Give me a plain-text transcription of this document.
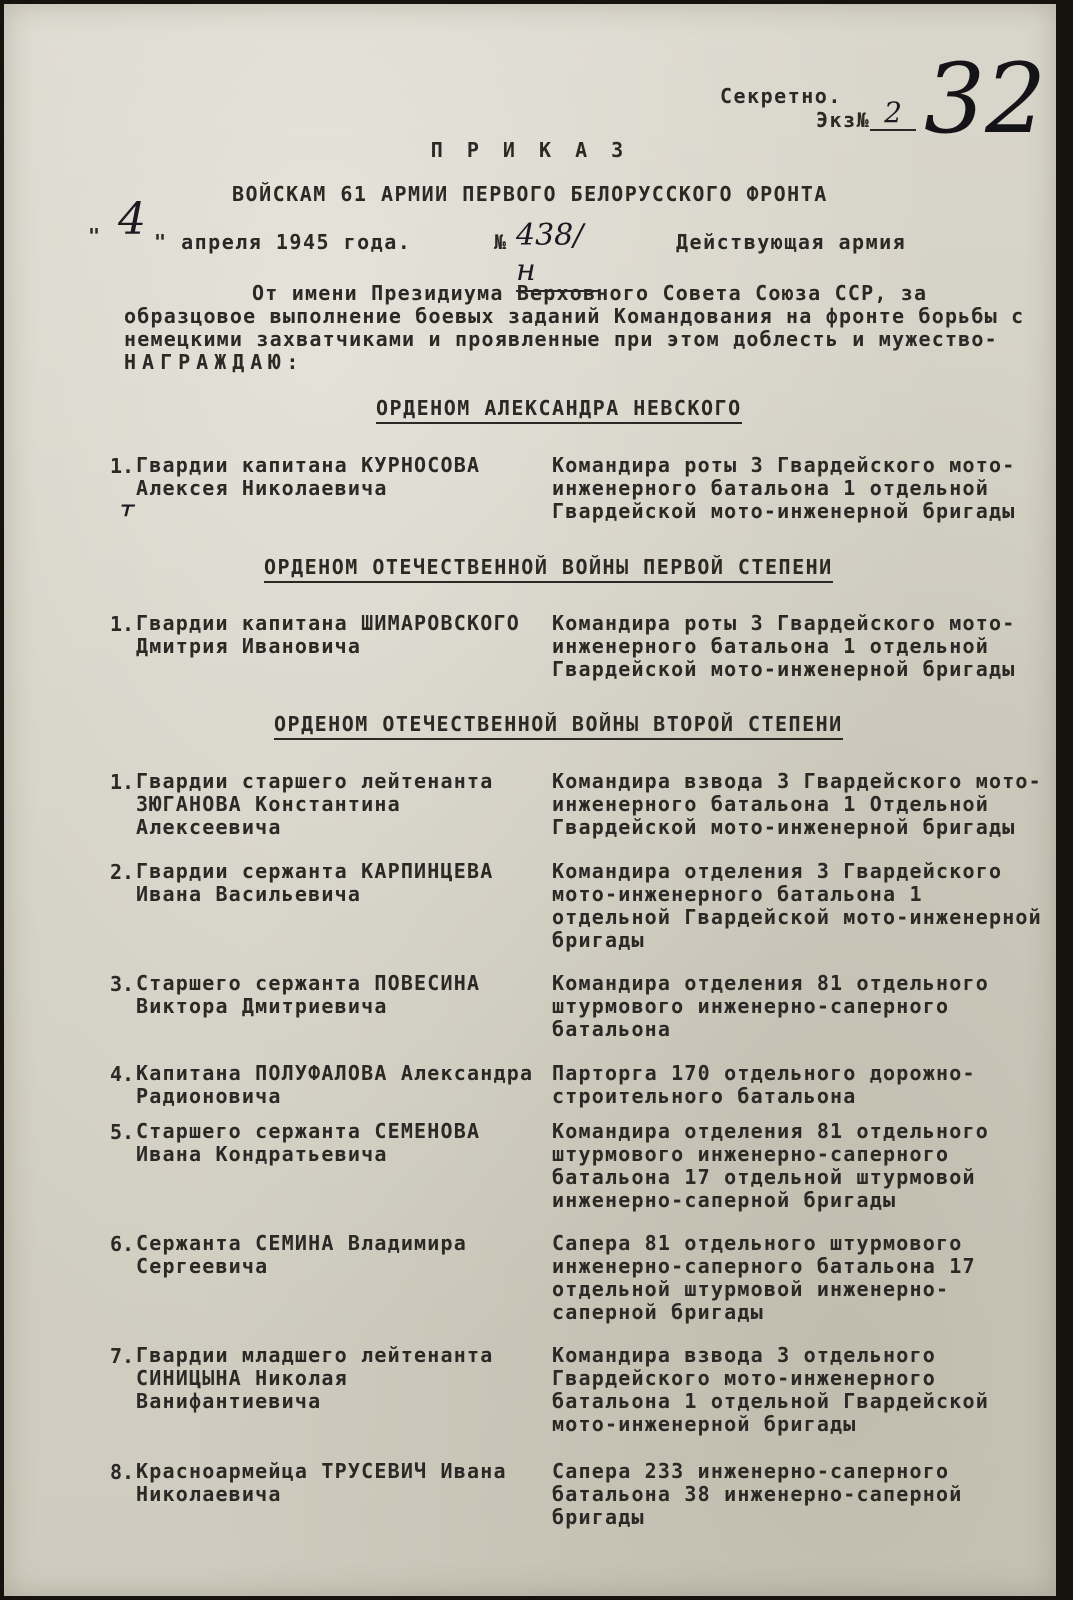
Секретно.
Экз№ 2 32
П Р И К А З
ВОЙСКАМ 61 АРМИИ ПЕРВОГО БЕЛОРУССКОГО ФРОНТА
" 4 " апреля 1945 года.	№ 438/н
Действующая армия
От имени Президиума Верховного Совета Союза ССР, за образцовое выполнение боевых заданий Командования на фронте борьбы с немецкими захватчиками и проявленные при этом доблесть и мужество-
НАГРАЖДАЮ:
ОРДЕНОМ АЛЕКСАНДРА НЕВСКОГО
1. Гвардии капитана КУРНОСОВА Алексея Николаевича
Командира роты 3 Гвардейского мото-инженерного батальона 1 отдельной Гвардейской мото-инженерной бригады
ᚁ
ОРДЕНОМ ОТЕЧЕСТВЕННОЙ ВОЙНЫ ПЕРВОЙ СТЕПЕНИ
1. Гвардии капитана ШИМАРОВСКОГО Дмитрия Ивановича
Командира роты 3 Гвардейского мото-инженерного батальона 1 отдельной Гвардейской мото-инженерной бригады
ОРДЕНОМ ОТЕЧЕСТВЕННОЙ ВОЙНЫ ВТОРОЙ СТЕПЕНИ
1. Гвардии старшего лейтенанта ЗЮГАНОВА Константина Алексеевича
Командира взвода 3 Гвардейского мото-инженерного батальона 1 Отдельной Гвардейской мото-инженерной бригады
2. Гвардии сержанта КАРПИНЦЕВА Ивана Васильевича
Командира отделения 3 Гвардейского мото-инженерного батальона 1 отдельной Гвардейской мото-инженерной бригады
3. Старшего сержанта ПОВЕСИНА Виктора Дмитриевича
Командира отделения 81 отдельного штурмового инженерно-саперного батальона
4. Капитана ПОЛУФАЛОВА Александра Радионовича
Парторга 170 отдельного дорожно-строительного батальона
5. Старшего сержанта СЕМЕНОВА Ивана Кондратьевича
Командира отделения 81 отдельного штурмового инженерно-саперного батальона 17 отдельной штурмовой инженерно-саперной бригады
6. Сержанта СЕМИНА Владимира Сергеевича
Сапера 81 отдельного штурмового инженерно-саперного батальона 17 отдельной штурмовой инженерно-саперной бригады
7. Гвардии младшего лейтенанта СИНИЦЫНА Николая Ванифантиевича
Командира взвода 3 отдельного Гвардейского мото-инженерного батальона 1 отдельной Гвардейской мото-инженерной бригады
8. Красноармейца ТРУСЕВИЧ Ивана Николаевича
Сапера 233 инженерно-саперного батальона 38 инженерно-саперной бригады
